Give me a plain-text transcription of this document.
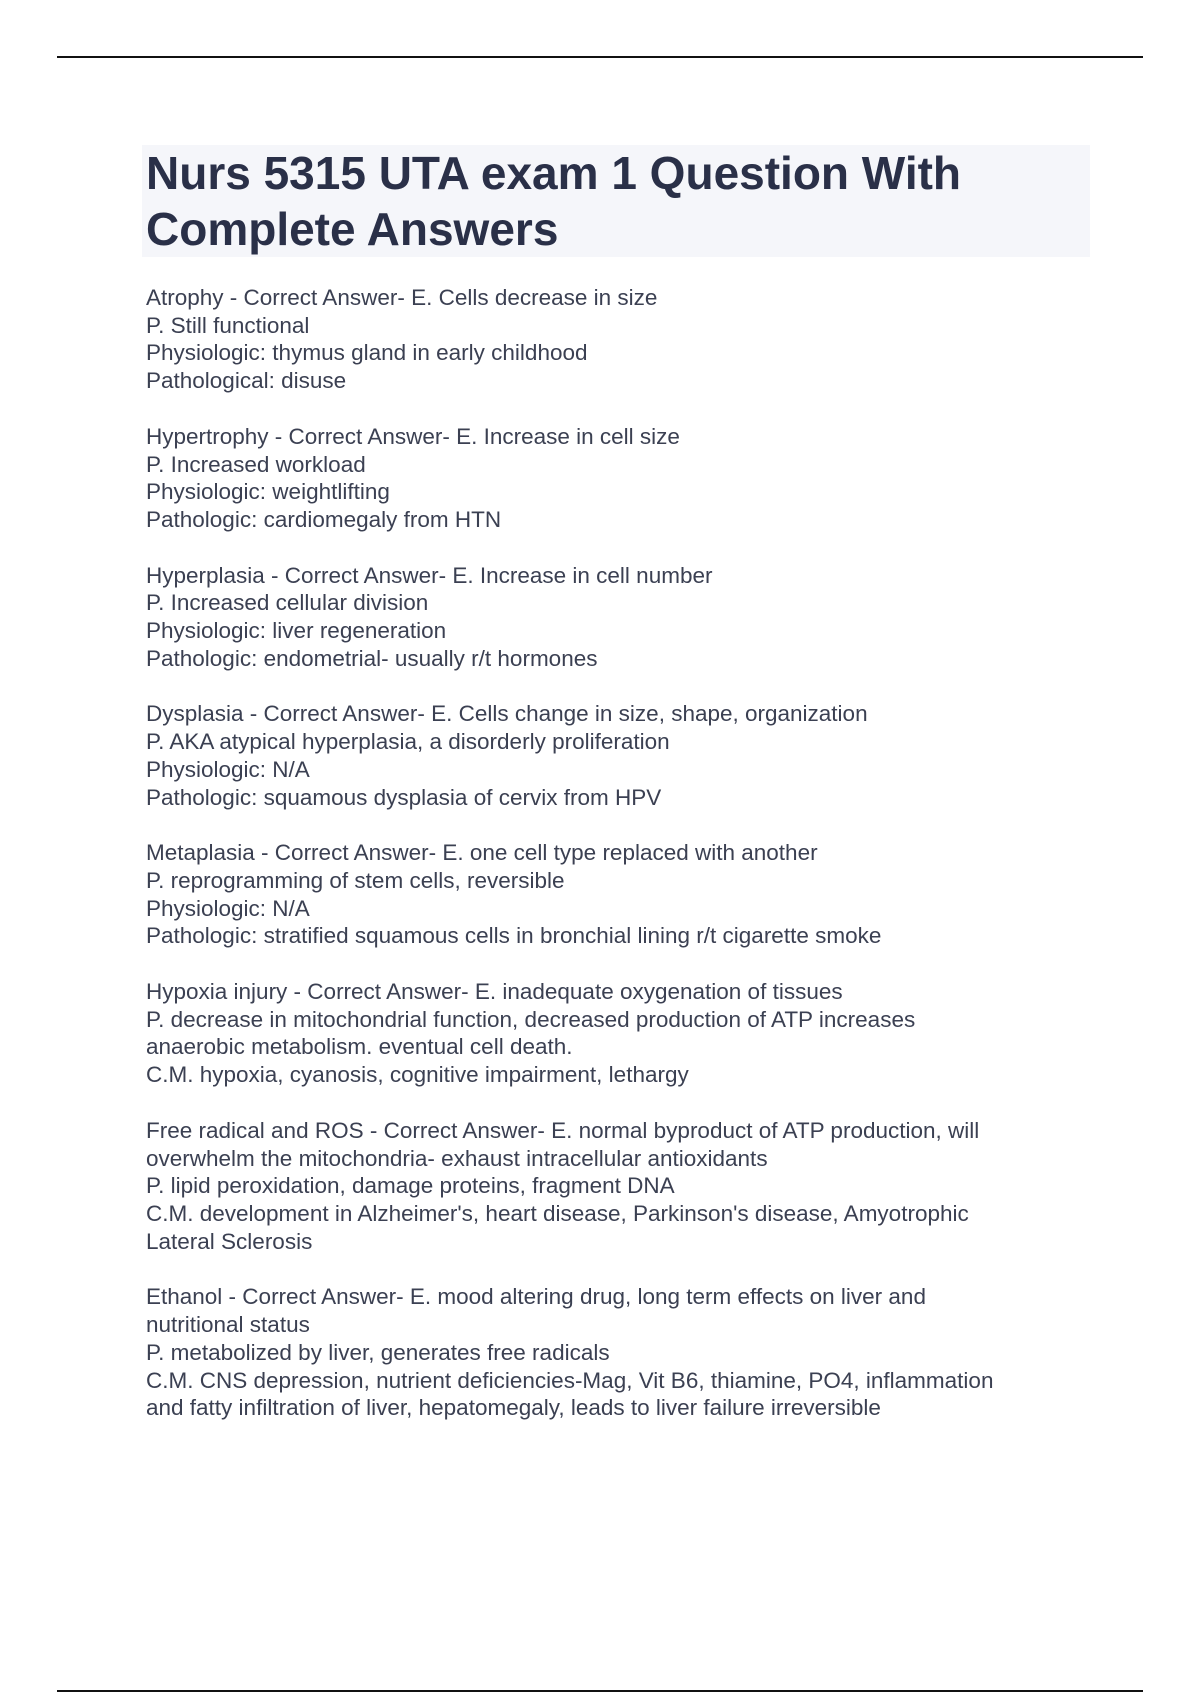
Nurs 5315 UTA exam 1 Question With Complete Answers
Atrophy - Correct Answer- E. Cells decrease in size
P. Still functional
Physiologic: thymus gland in early childhood
Pathological: disuse
Hypertrophy - Correct Answer- E. Increase in cell size
P. Increased workload
Physiologic: weightlifting
Pathologic: cardiomegaly from HTN
Hyperplasia - Correct Answer- E. Increase in cell number
P. Increased cellular division
Physiologic: liver regeneration
Pathologic: endometrial- usually r/t hormones
Dysplasia - Correct Answer- E. Cells change in size, shape, organization
P. AKA atypical hyperplasia, a disorderly proliferation
Physiologic: N/A
Pathologic: squamous dysplasia of cervix from HPV
Metaplasia - Correct Answer- E. one cell type replaced with another
P. reprogramming of stem cells, reversible
Physiologic: N/A
Pathologic: stratified squamous cells in bronchial lining r/t cigarette smoke
Hypoxia injury - Correct Answer- E. inadequate oxygenation of tissues
P. decrease in mitochondrial function, decreased production of ATP increases
anaerobic metabolism. eventual cell death.
C.M. hypoxia, cyanosis, cognitive impairment, lethargy
Free radical and ROS - Correct Answer- E. normal byproduct of ATP production, will
overwhelm the mitochondria- exhaust intracellular antioxidants
P. lipid peroxidation, damage proteins, fragment DNA
C.M. development in Alzheimer's, heart disease, Parkinson's disease, Amyotrophic
Lateral Sclerosis
Ethanol - Correct Answer- E. mood altering drug, long term effects on liver and
nutritional status
P. metabolized by liver, generates free radicals
C.M. CNS depression, nutrient deficiencies-Mag, Vit B6, thiamine, PO4, inflammation
and fatty infiltration of liver, hepatomegaly, leads to liver failure irreversible
